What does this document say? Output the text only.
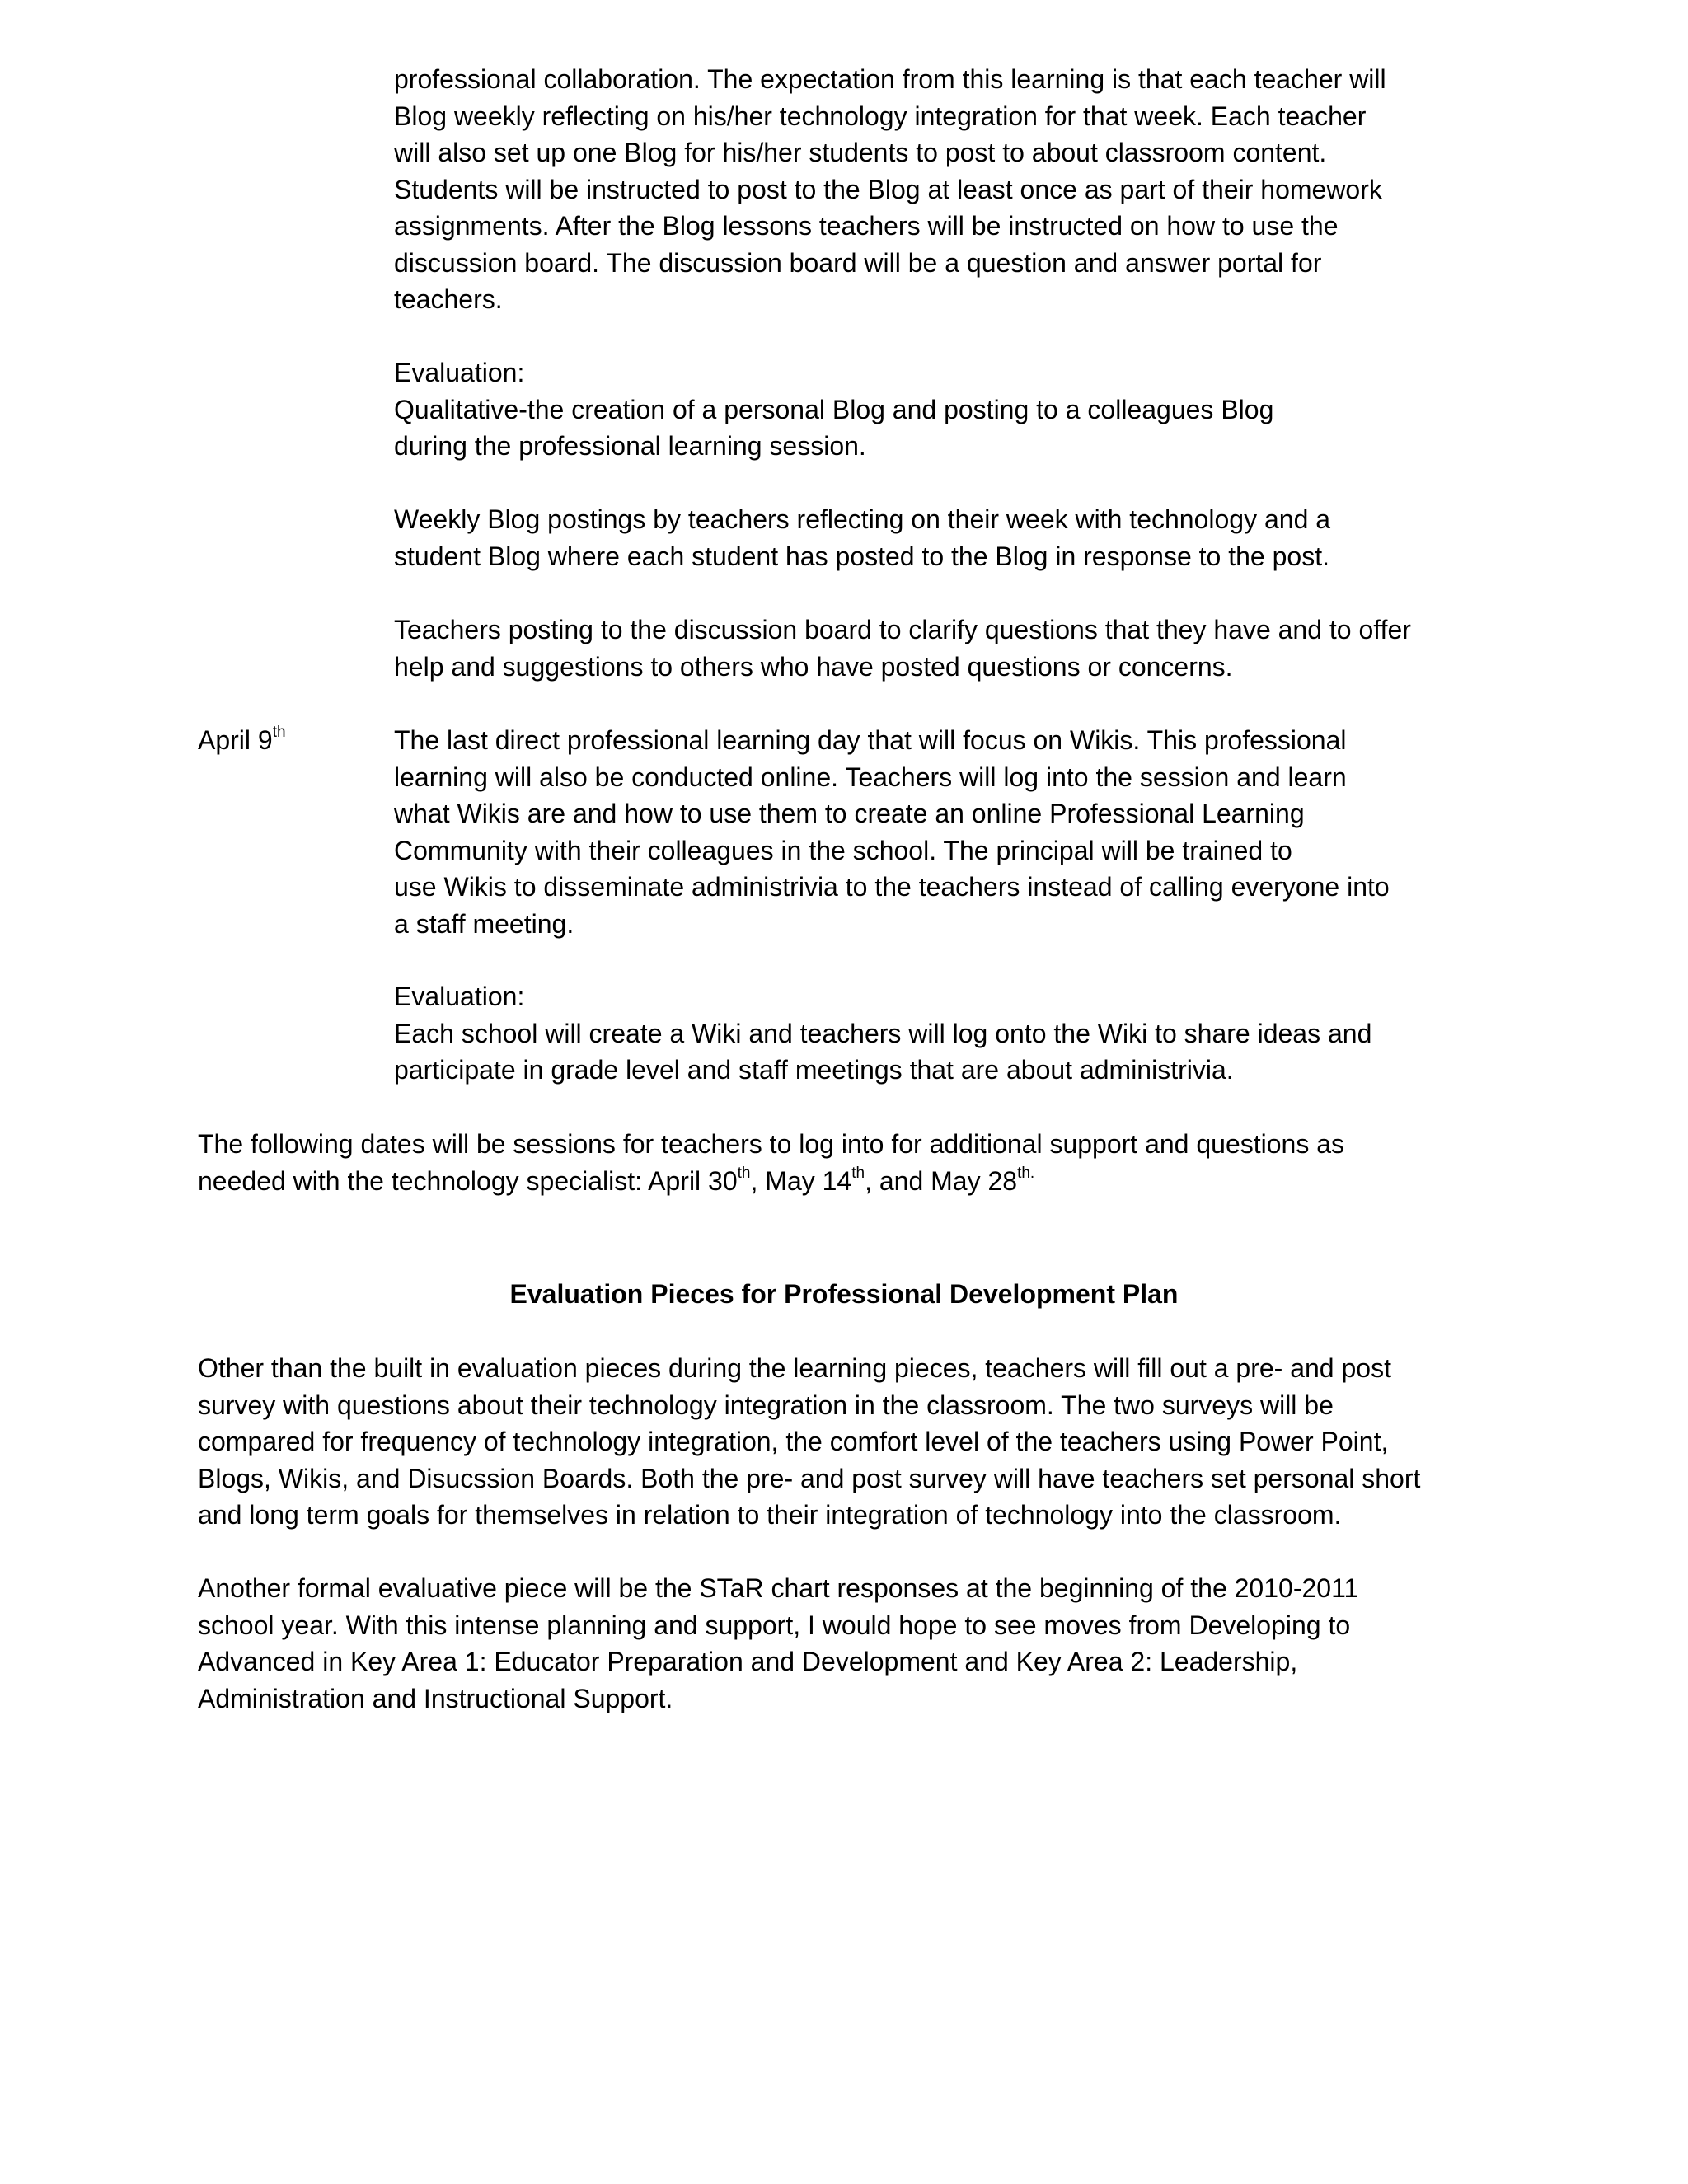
professional collaboration. The expectation from this learning is that each teacher will
Blog weekly reflecting on his/her technology integration for that week. Each teacher
will also set up one Blog for his/her students to post to about classroom content.
Students will be instructed to post to the Blog at least once as part of their homework
assignments. After the Blog lessons teachers will be instructed on how to use the
discussion board. The discussion board will be a question and answer portal for
teachers.
Evaluation:
Qualitative-the creation of a personal Blog and posting to a colleagues Blog
during the professional learning session.
Weekly Blog postings by teachers reflecting on their week with technology and a
student Blog where each student has posted to the Blog in response to the post.
Teachers posting to the discussion board to clarify questions that they have and to offer
help and suggestions to others who have posted questions or concerns.
April 9th	The last direct professional learning day that will focus on Wikis. This professional
learning will also be conducted online. Teachers will log into the session and learn
what Wikis are and how to use them to create an online Professional Learning
Community with their colleagues in the school. The principal will be trained to
use Wikis to disseminate administrivia to the teachers instead of calling everyone into
a staff meeting.
Evaluation:
Each school will create a Wiki and teachers will log onto the Wiki to share ideas and
participate in grade level and staff meetings that are about administrivia.
The following dates will be sessions for teachers to log into for additional support and questions as
needed with the technology specialist: April 30th, May 14th, and May $28^{th.}$
Evaluation Pieces for Professional Development Plan
Other than the built in evaluation pieces during the learning pieces, teachers will fill out a pre- and post
survey with questions about their technology integration in the classroom. The two surveys will be
compared for frequency of technology integration, the comfort level of the teachers using Power Point,
Blogs, Wikis, and Disucssion Boards. Both the pre- and post survey will have teachers set personal short
and long term goals for themselves in relation to their integration of technology into the classroom.
Another formal evaluative piece will be the STaR chart responses at the beginning of the 2010-2011
school year. With this intense planning and support, I would hope to see moves from Developing to
Advanced in Key Area 1: Educator Preparation and Development and Key Area 2: Leadership,
Administration and Instructional Support.
